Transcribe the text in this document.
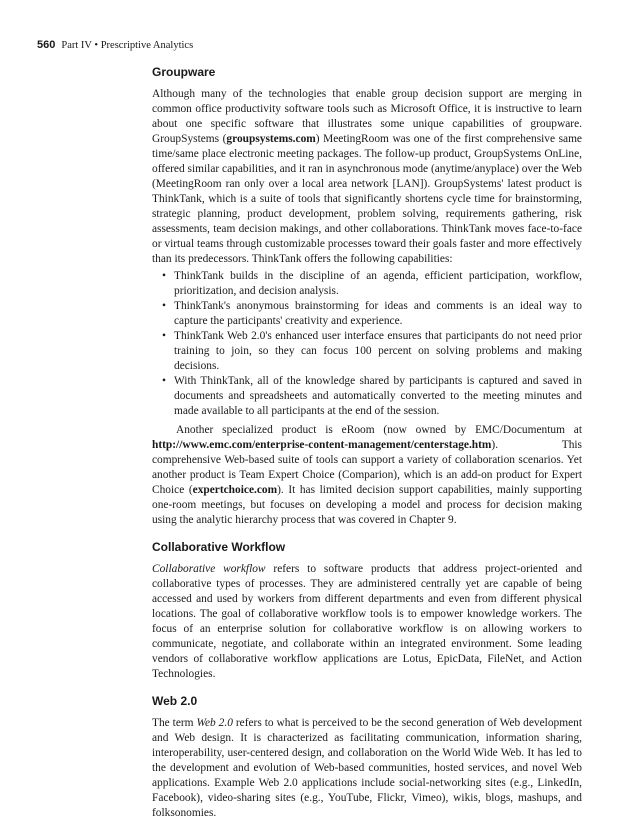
560 Part IV • Prescriptive Analytics
Groupware

Although many of the technologies that enable group decision support are merging in common office productivity software tools such as Microsoft Office, it is instructive to learn about one specific software that illustrates some unique capabilities of groupware. GroupSystems (groupsystems.com) MeetingRoom was one of the first comprehensive same time/same place electronic meeting packages. The follow-up product, GroupSystems OnLine, offered similar capabilities, and it ran in asynchronous mode (anytime/anyplace) over the Web (MeetingRoom ran only over a local area network [LAN]). GroupSystems' latest product is ThinkTank, which is a suite of tools that significantly shortens cycle time for brainstorming, strategic planning, product development, problem solving, requirements gathering, risk assessments, team decision makings, and other collaborations. ThinkTank moves face-to-face or virtual teams through customizable processes toward their goals faster and more effectively than its predecessors. ThinkTank offers the following capabilities:

• ThinkTank builds in the discipline of an agenda, efficient participation, workflow, prioritization, and decision analysis.
• ThinkTank's anonymous brainstorming for ideas and comments is an ideal way to capture the participants' creativity and experience.
• ThinkTank Web 2.0's enhanced user interface ensures that participants do not need prior training to join, so they can focus 100 percent on solving problems and making decisions.
• With ThinkTank, all of the knowledge shared by participants is captured and saved in documents and spreadsheets and automatically converted to the meeting minutes and made available to all participants at the end of the session.

Another specialized product is eRoom (now owned by EMC/Documentum at http://www.emc.com/enterprise-content-management/centerstage.htm). This comprehensive Web-based suite of tools can support a variety of collaboration scenarios. Yet another product is Team Expert Choice (Comparion), which is an add-on product for Expert Choice (expertchoice.com). It has limited decision support capabilities, mainly supporting one-room meetings, but focuses on developing a model and process for decision making using the analytic hierarchy process that was covered in Chapter 9.

Collaborative Workflow

Collaborative workflow refers to software products that address project-oriented and collaborative types of processes. They are administered centrally yet are capable of being accessed and used by workers from different departments and even from different physical locations. The goal of collaborative workflow tools is to empower knowledge workers. The focus of an enterprise solution for collaborative workflow is on allowing workers to communicate, negotiate, and collaborate within an integrated environment. Some leading vendors of collaborative workflow applications are Lotus, EpicData, FileNet, and Action Technologies.

Web 2.0

The term Web 2.0 refers to what is perceived to be the second generation of Web development and Web design. It is characterized as facilitating communication, information sharing, interoperability, user-centered design, and collaboration on the World Wide Web. It has led to the development and evolution of Web-based communities, hosted services, and novel Web applications. Example Web 2.0 applications include social-networking sites (e.g., LinkedIn, Facebook), video-sharing sites (e.g., YouTube, Flickr, Vimeo), wikis, blogs, mashups, and folksonomies.
